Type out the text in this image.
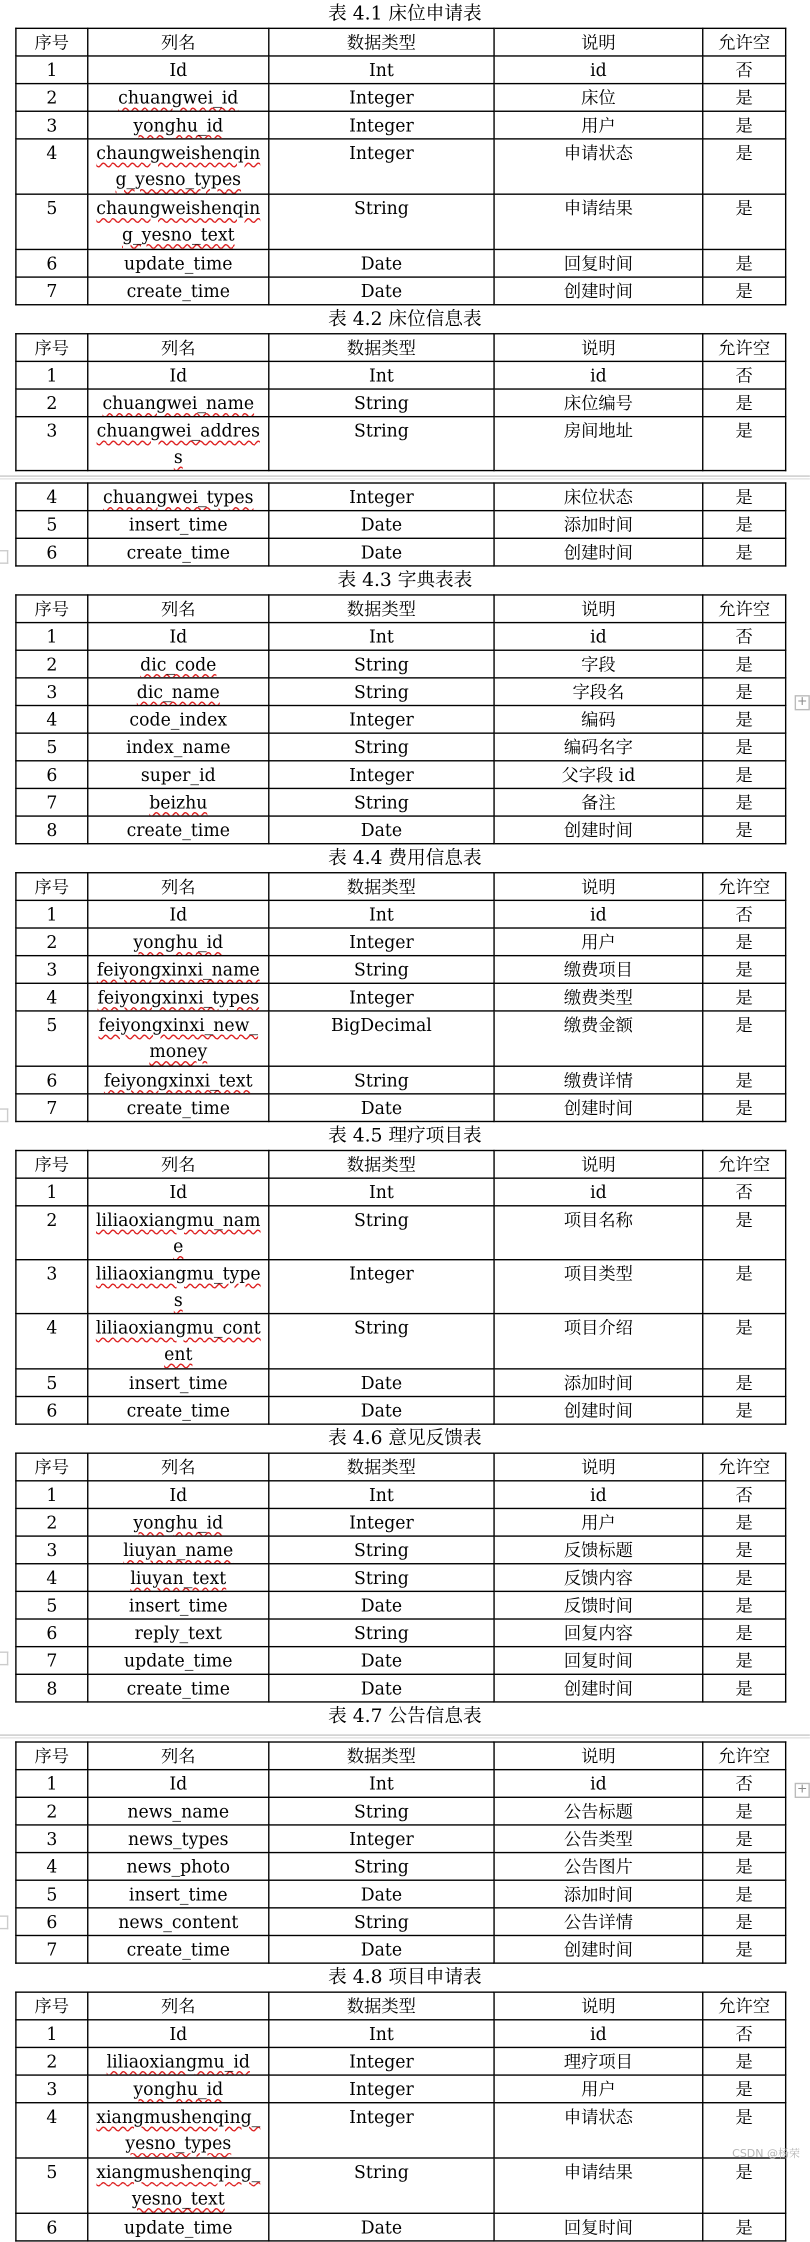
表 4.1 床位申请表
序号	列名	数据类型	说明	允许空
1	Id	Int	id	否
2	chuangwei_id	Integer	床位	是
3	yonghu_id	Integer	用户	是
4	chaungweishenqing_yesno_types	Integer	申请状态	是
5	chaungweishenqing_yesno_text	String	申请结果	是
6	update_time	Date	回复时间	是
7	create_time	Date	创建时间	是
表 4.2 床位信息表
序号	列名	数据类型	说明	允许空
1	Id	Int	id	否
2	chuangwei_name	String	床位编号	是
3	chuangwei_address	String	房间地址	是
4	chuangwei_types	Integer	床位状态	是
5	insert_time	Date	添加时间	是
6	create_time	Date	创建时间	是
表 4.3 字典表表
序号	列名	数据类型	说明	允许空
1	Id	Int	id	否
2	dic_code	String	字段	是
3	dic_name	String	字段名	是
4	code_index	Integer	编码	是
5	index_name	String	编码名字	是
6	super_id	Integer	父字段 id	是
7	beizhu	String	备注	是
8	create_time	Date	创建时间	是
表 4.4 费用信息表
序号	列名	数据类型	说明	允许空
1	Id	Int	id	否
2	yonghu_id	Integer	用户	是
3	feiyongxinxi_name	String	缴费项目	是
4	feiyongxinxi_types	Integer	缴费类型	是
5	feiyongxinxi_new_money	BigDecimal	缴费金额	是
6	feiyongxinxi_text	String	缴费详情	是
7	create_time	Date	创建时间	是
表 4.5 理疗项目表
序号	列名	数据类型	说明	允许空
1	Id	Int	id	否
2	liliaoxiangmu_name	String	项目名称	是
3	liliaoxiangmu_types	Integer	项目类型	是
4	liliaoxiangmu_content	String	项目介绍	是
5	insert_time	Date	添加时间	是
6	create_time	Date	创建时间	是
表 4.6 意见反馈表
序号	列名	数据类型	说明	允许空
1	Id	Int	id	否
2	yonghu_id	Integer	用户	是
3	liuyan_name	String	反馈标题	是
4	liuyan_text	String	反馈内容	是
5	insert_time	Date	反馈时间	是
6	reply_text	String	回复内容	是
7	update_time	Date	回复时间	是
8	create_time	Date	创建时间	是
表 4.7 公告信息表
序号	列名	数据类型	说明	允许空
1	Id	Int	id	否
2	news_name	String	公告标题	是
3	news_types	Integer	公告类型	是
4	news_photo	String	公告图片	是
5	insert_time	Date	添加时间	是
6	news_content	String	公告详情	是
7	create_time	Date	创建时间	是
表 4.8 项目申请表
序号	列名	数据类型	说明	允许空
1	Id	Int	id	否
2	liliaoxiangmu_id	Integer	理疗项目	是
3	yonghu_id	Integer	用户	是
4	xiangmushenqing_yesno_types	Integer	申请状态	是
5	xiangmushenqing_yesno_text	String	申请结果	是
6	update_time	Date	回复时间	是
+
+
CSDN @杨荣
